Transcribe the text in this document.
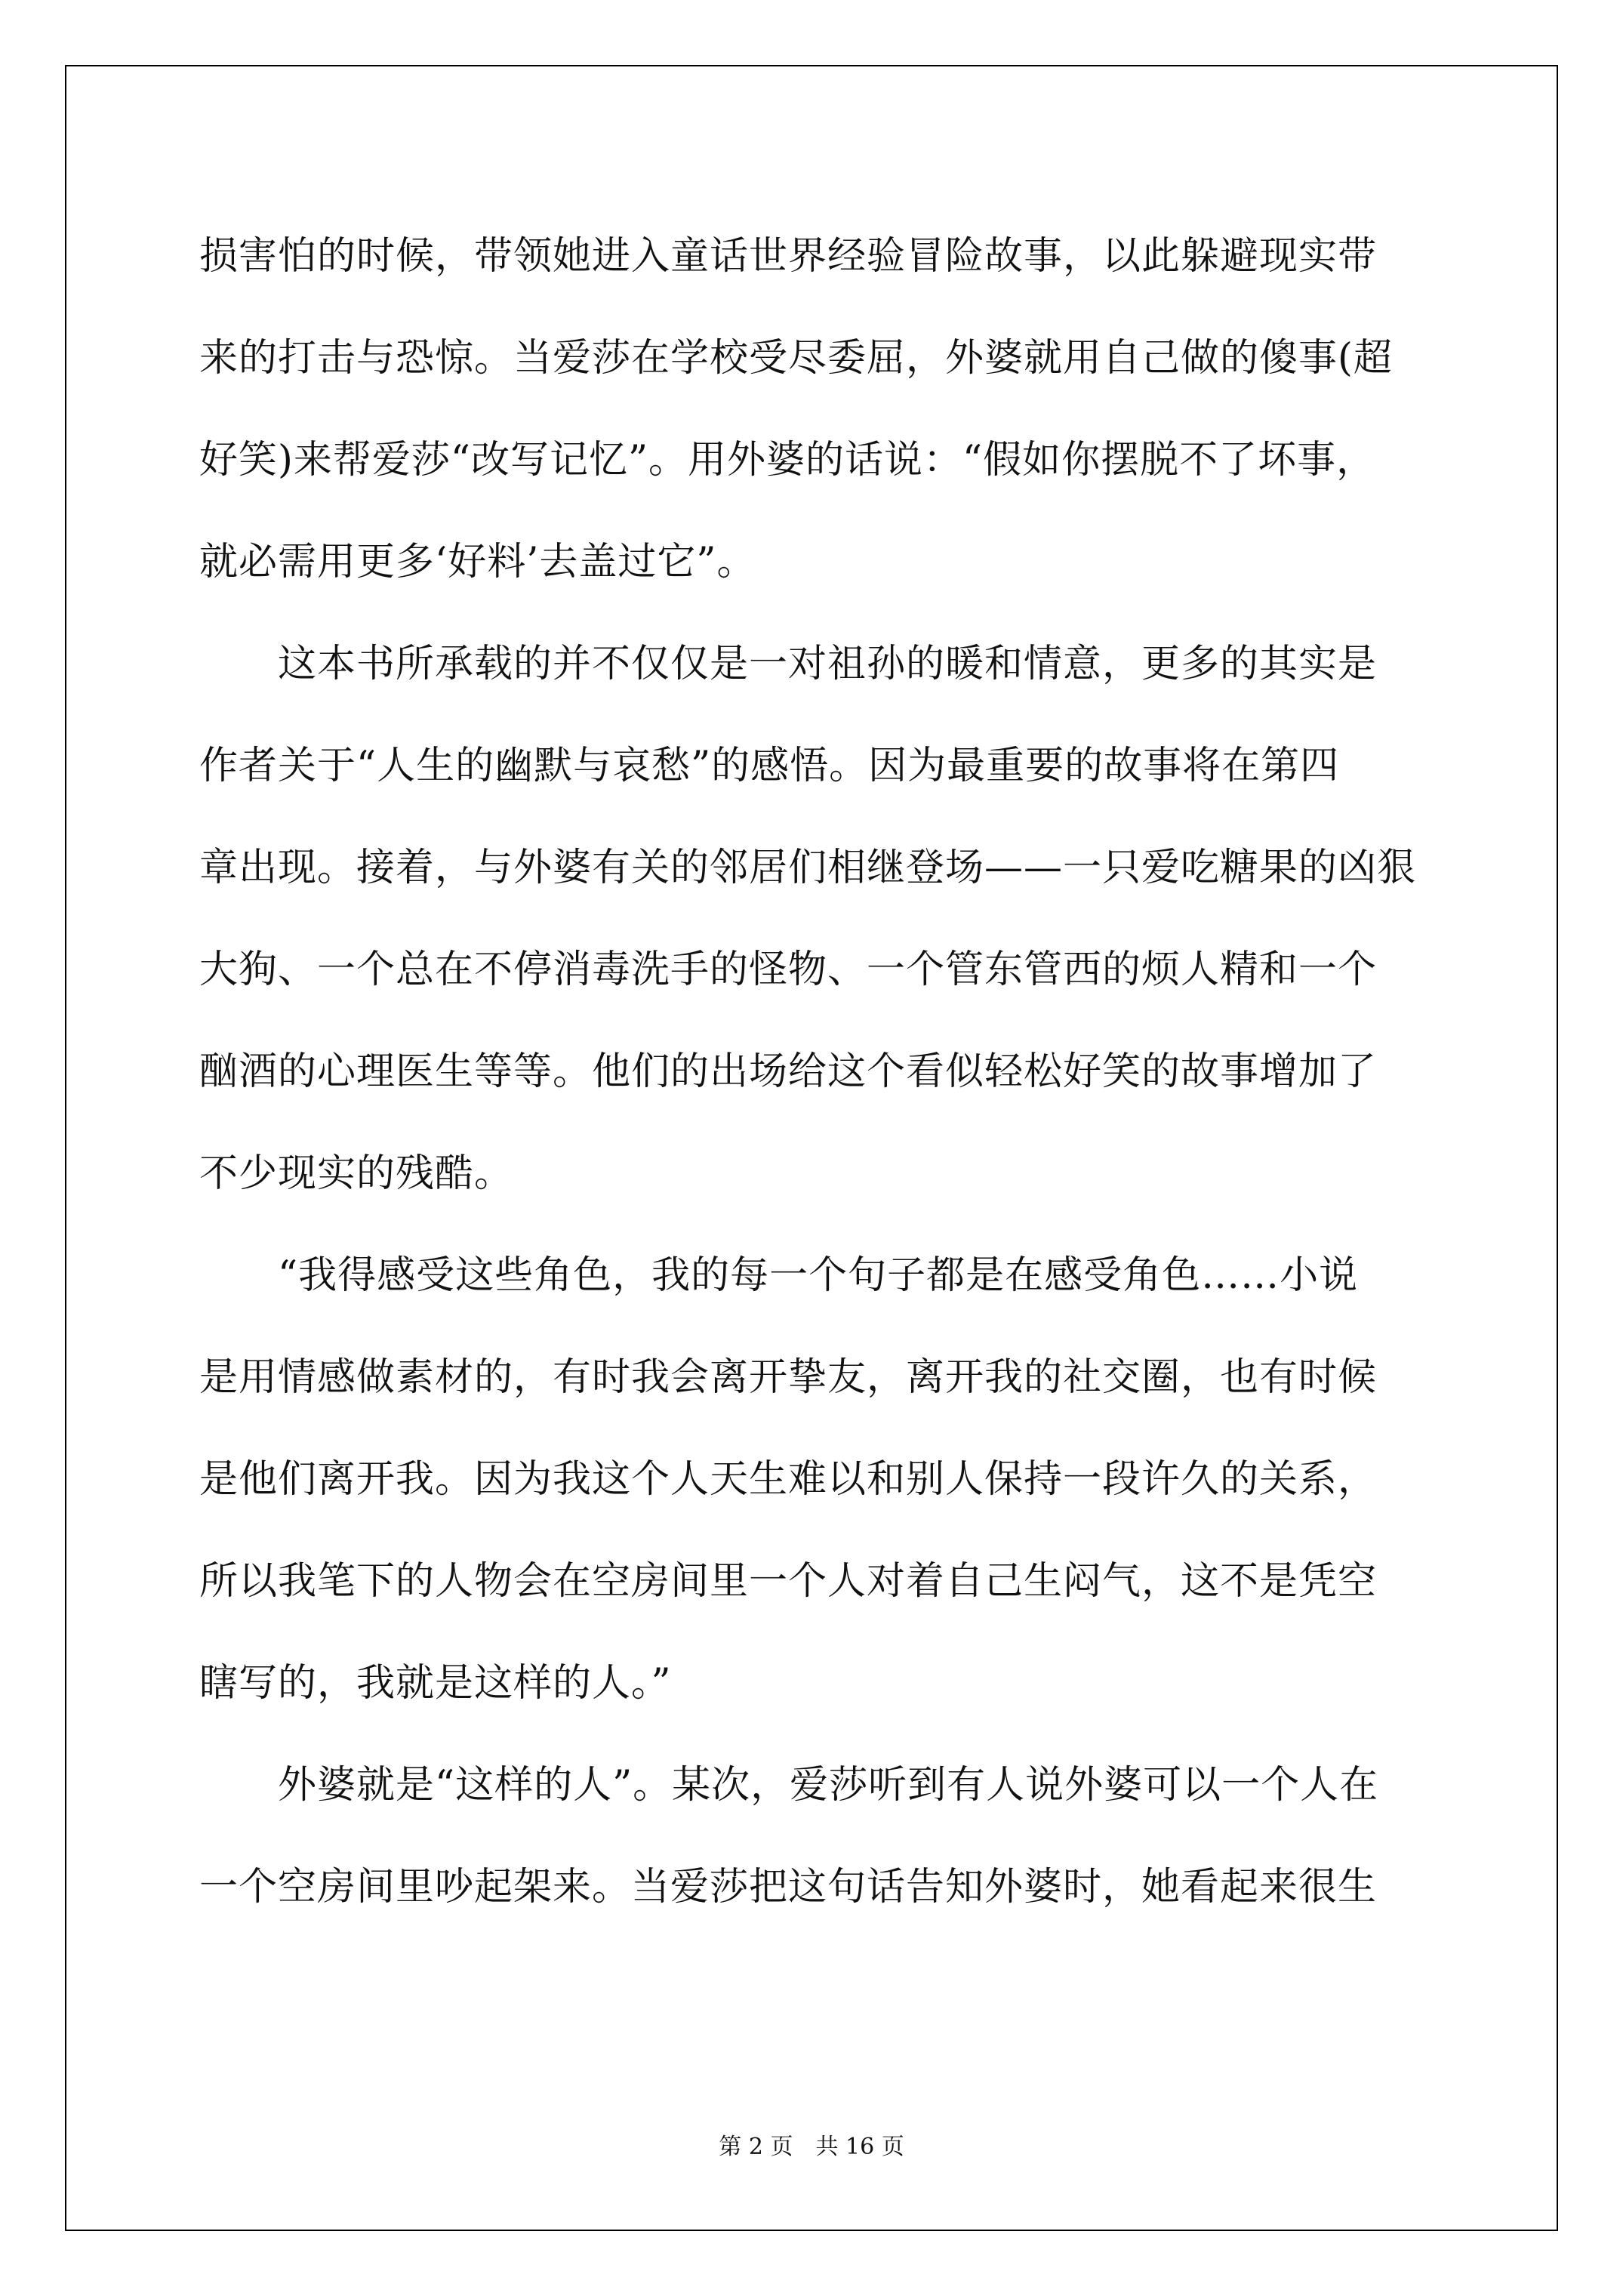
损害怕的时候，带领她进入童话世界经验冒险故事，以此躲避现实带
来的打击与恐惊。当爱莎在学校受尽委屈，外婆就用自己做的傻事(超
好笑)来帮爱莎“改写记忆”。用外婆的话说：“假如你摆脱不了坏事，
就必需用更多‘好料’去盖过它”。
这本书所承载的并不仅仅是一对祖孙的暖和情意，更多的其实是
作者关于“人生的幽默与哀愁”的感悟。因为最重要的故事将在第四
章出现。接着，与外婆有关的邻居们相继登场——一只爱吃糖果的凶狠
大狗、一个总在不停消毒洗手的怪物、一个管东管西的烦人精和一个
酗酒的心理医生等等。他们的出场给这个看似轻松好笑的故事增加了
不少现实的残酷。
“我得感受这些角色，我的每一个句子都是在感受角色……小说
是用情感做素材的，有时我会离开挚友，离开我的社交圈，也有时候
是他们离开我。因为我这个人天生难以和别人保持一段许久的关系，
所以我笔下的人物会在空房间里一个人对着自己生闷气，这不是凭空
瞎写的，我就是这样的人。”
外婆就是“这样的人”。某次，爱莎听到有人说外婆可以一个人在
一个空房间里吵起架来。当爱莎把这句话告知外婆时，她看起来很生
第 2 页　共 16 页
